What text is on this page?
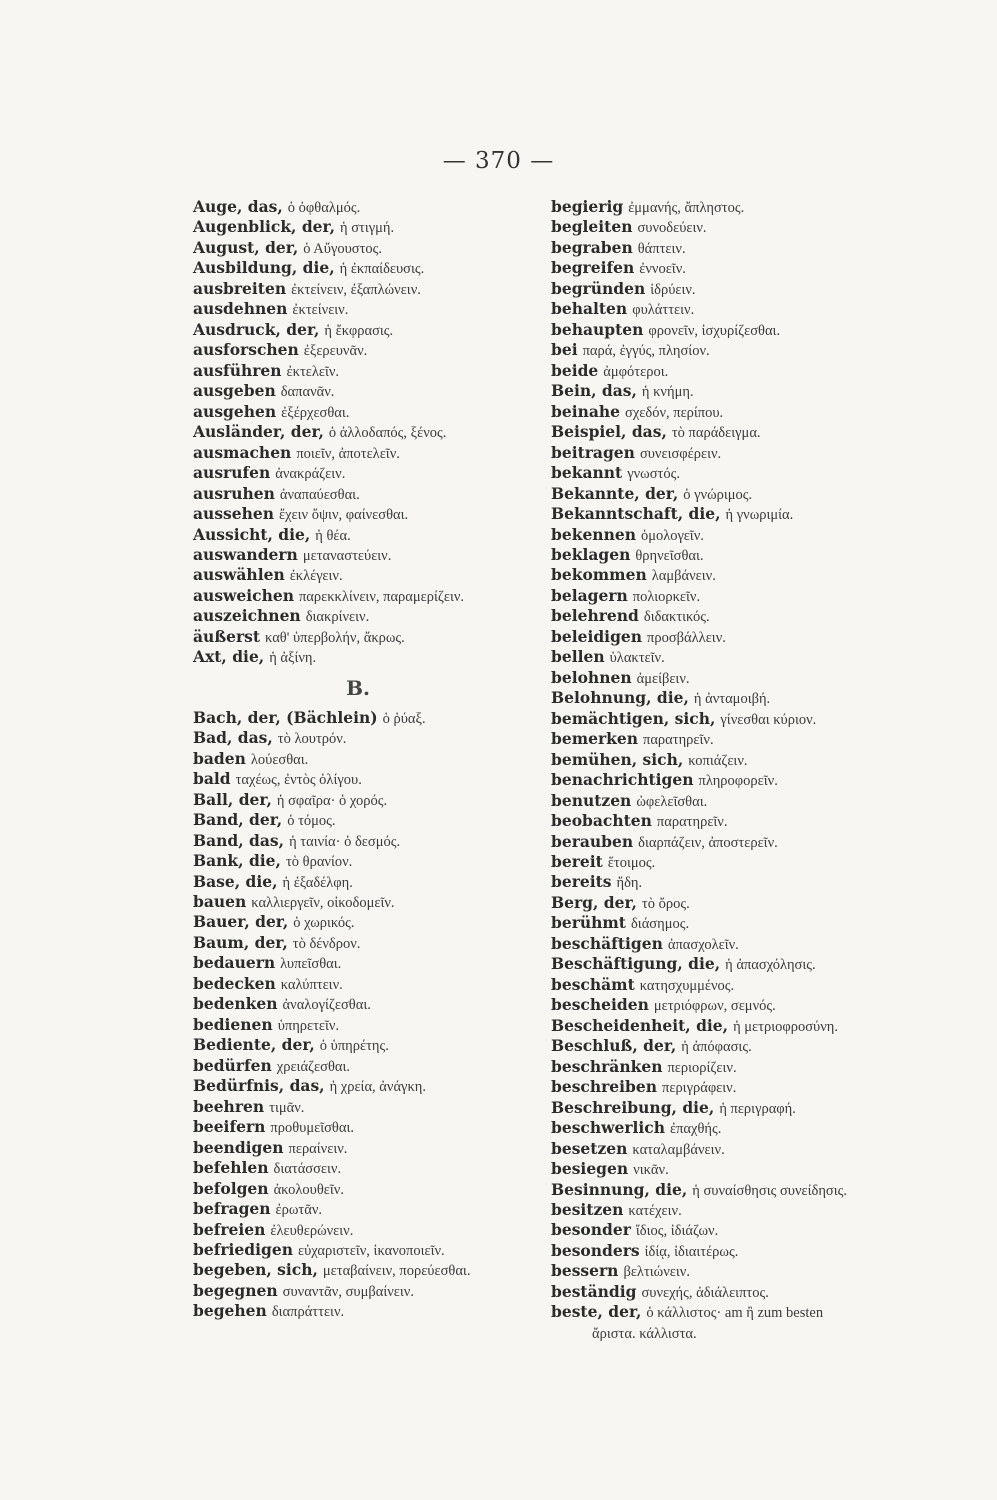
— 370 —
Auge, das, ὁ ὀφθαλμός.
Augenblick, der, ἡ στιγμή.
August, der, ὁ Αὔγουστος.
Ausbildung, die, ἡ ἐκπαίδευσις.
ausbreiten ἐκτείνειν, ἐξαπλώνειν.
ausdehnen ἐκτείνειν.
Ausdruck, der, ἡ ἔκφρασις.
ausforschen ἐξερευνᾶν.
ausführen ἐκτελεῖν.
ausgeben δαπανᾶν.
ausgehen ἐξέρχεσθαι.
Ausländer, der, ὁ ἀλλοδαπός, ξένος.
ausmachen ποιεῖν, ἀποτελεῖν.
ausrufen ἀνακράζειν.
ausruhen ἀναπαύεσθαι.
aussehen ἔχειν ὄψιν, φαίνεσθαι.
Aussicht, die, ἡ θέα.
auswandern μεταναστεύειν.
auswählen ἐκλέγειν.
ausweichen παρεκκλίνειν, παραμερίζειν.
auszeichnen διακρίνειν.
äußerst καθ' ὑπερβολήν, ἄκρως.
Axt, die, ἡ ἀξίνη.
B.
Bach, der, (Bächlein) ὁ ῥύαξ.
Bad, das, τὸ λουτρόν.
baden λούεσθαι.
bald ταχέως, ἐντὸς ὀλίγου.
Ball, der, ἡ σφαῖρα· ὁ χορός.
Band, der, ὁ τόμος.
Band, das, ἡ ταινία· ὁ δεσμός.
Bank, die, τὸ θρανίον.
Base, die, ἡ ἐξαδέλφη.
bauen καλλιεργεῖν, οἰκοδομεῖν.
Bauer, der, ὁ χωρικός.
Baum, der, τὸ δένδρον.
bedauern λυπεῖσθαι.
bedecken καλύπτειν.
bedenken ἀναλογίζεσθαι.
bedienen ὑπηρετεῖν.
Bediente, der, ὁ ὑπηρέτης.
bedürfen χρειάζεσθαι.
Bedürfnis, das, ἡ χρεία, ἀνάγκη.
beehren τιμᾶν.
beeifern προθυμεῖσθαι.
beendigen περαίνειν.
befehlen διατάσσειν.
befolgen ἀκολουθεῖν.
befragen ἐρωτᾶν.
befreien ἐλευθερώνειν.
befriedigen εὐχαριστεῖν, ἱκανοποιεῖν.
begeben, sich, μεταβαίνειν, πορεύεσθαι.
begegnen συναντᾶν, συμβαίνειν.
begehen διαπράττειν.
begierig ἐμμανής, ἄπληστος.
begleiten συνοδεύειν.
begraben θάπτειν.
begreifen ἐννοεῖν.
begründen ἱδρύειν.
behalten φυλάττειν.
behaupten φρονεῖν, ἰσχυρίζεσθαι.
bei παρά, ἐγγύς, πλησίον.
beide ἀμφότεροι.
Bein, das, ἡ κνήμη.
beinahe σχεδόν, περίπου.
Beispiel, das, τὸ παράδειγμα.
beitragen συνεισφέρειν.
bekannt γνωστός.
Bekannte, der, ὁ γνώριμος.
Bekanntschaft, die, ἡ γνωριμία.
bekennen ὁμολογεῖν.
beklagen θρηνεῖσθαι.
bekommen λαμβάνειν.
belagern πολιορκεῖν.
belehrend διδακτικός.
beleidigen προσβάλλειν.
bellen ὑλακτεῖν.
belohnen ἀμείβειν.
Belohnung, die, ἡ ἀνταμοιβή.
bemächtigen, sich, γίνεσθαι κύριον.
bemerken παρατηρεῖν.
bemühen, sich, κοπιάζειν.
benachrichtigen πληροφορεῖν.
benutzen ὠφελεῖσθαι.
beobachten παρατηρεῖν.
berauben διαρπάζειν, ἀποστερεῖν.
bereit ἕτοιμος.
bereits ἤδη.
Berg, der, τὸ ὄρος.
berühmt διάσημος.
beschäftigen ἀπασχολεῖν.
Beschäftigung, die, ἡ ἀπασχόλησις.
beschämt κατησχυμμένος.
bescheiden μετριόφρων, σεμνός.
Bescheidenheit, die, ἡ μετριοφροσύνη.
Beschluß, der, ἡ ἀπόφασις.
beschränken περιορίζειν.
beschreiben περιγράφειν.
Beschreibung, die, ἡ περιγραφή.
beschwerlich ἐπαχθής.
besetzen καταλαμβάνειν.
besiegen νικᾶν.
Besinnung, die, ἡ συναίσθησις συνείδησις.
besitzen κατέχειν.
besonder ἴδιος, ἰδιάζων.
besonders ἰδίᾳ, ἰδιαιτέρως.
bessern βελτιώνειν.
beständig συνεχής, ἀδιάλειπτος.
beste, der, ὁ κάλλιστος· am ἢ zum besten
ἄριστα. κάλλιστα.
